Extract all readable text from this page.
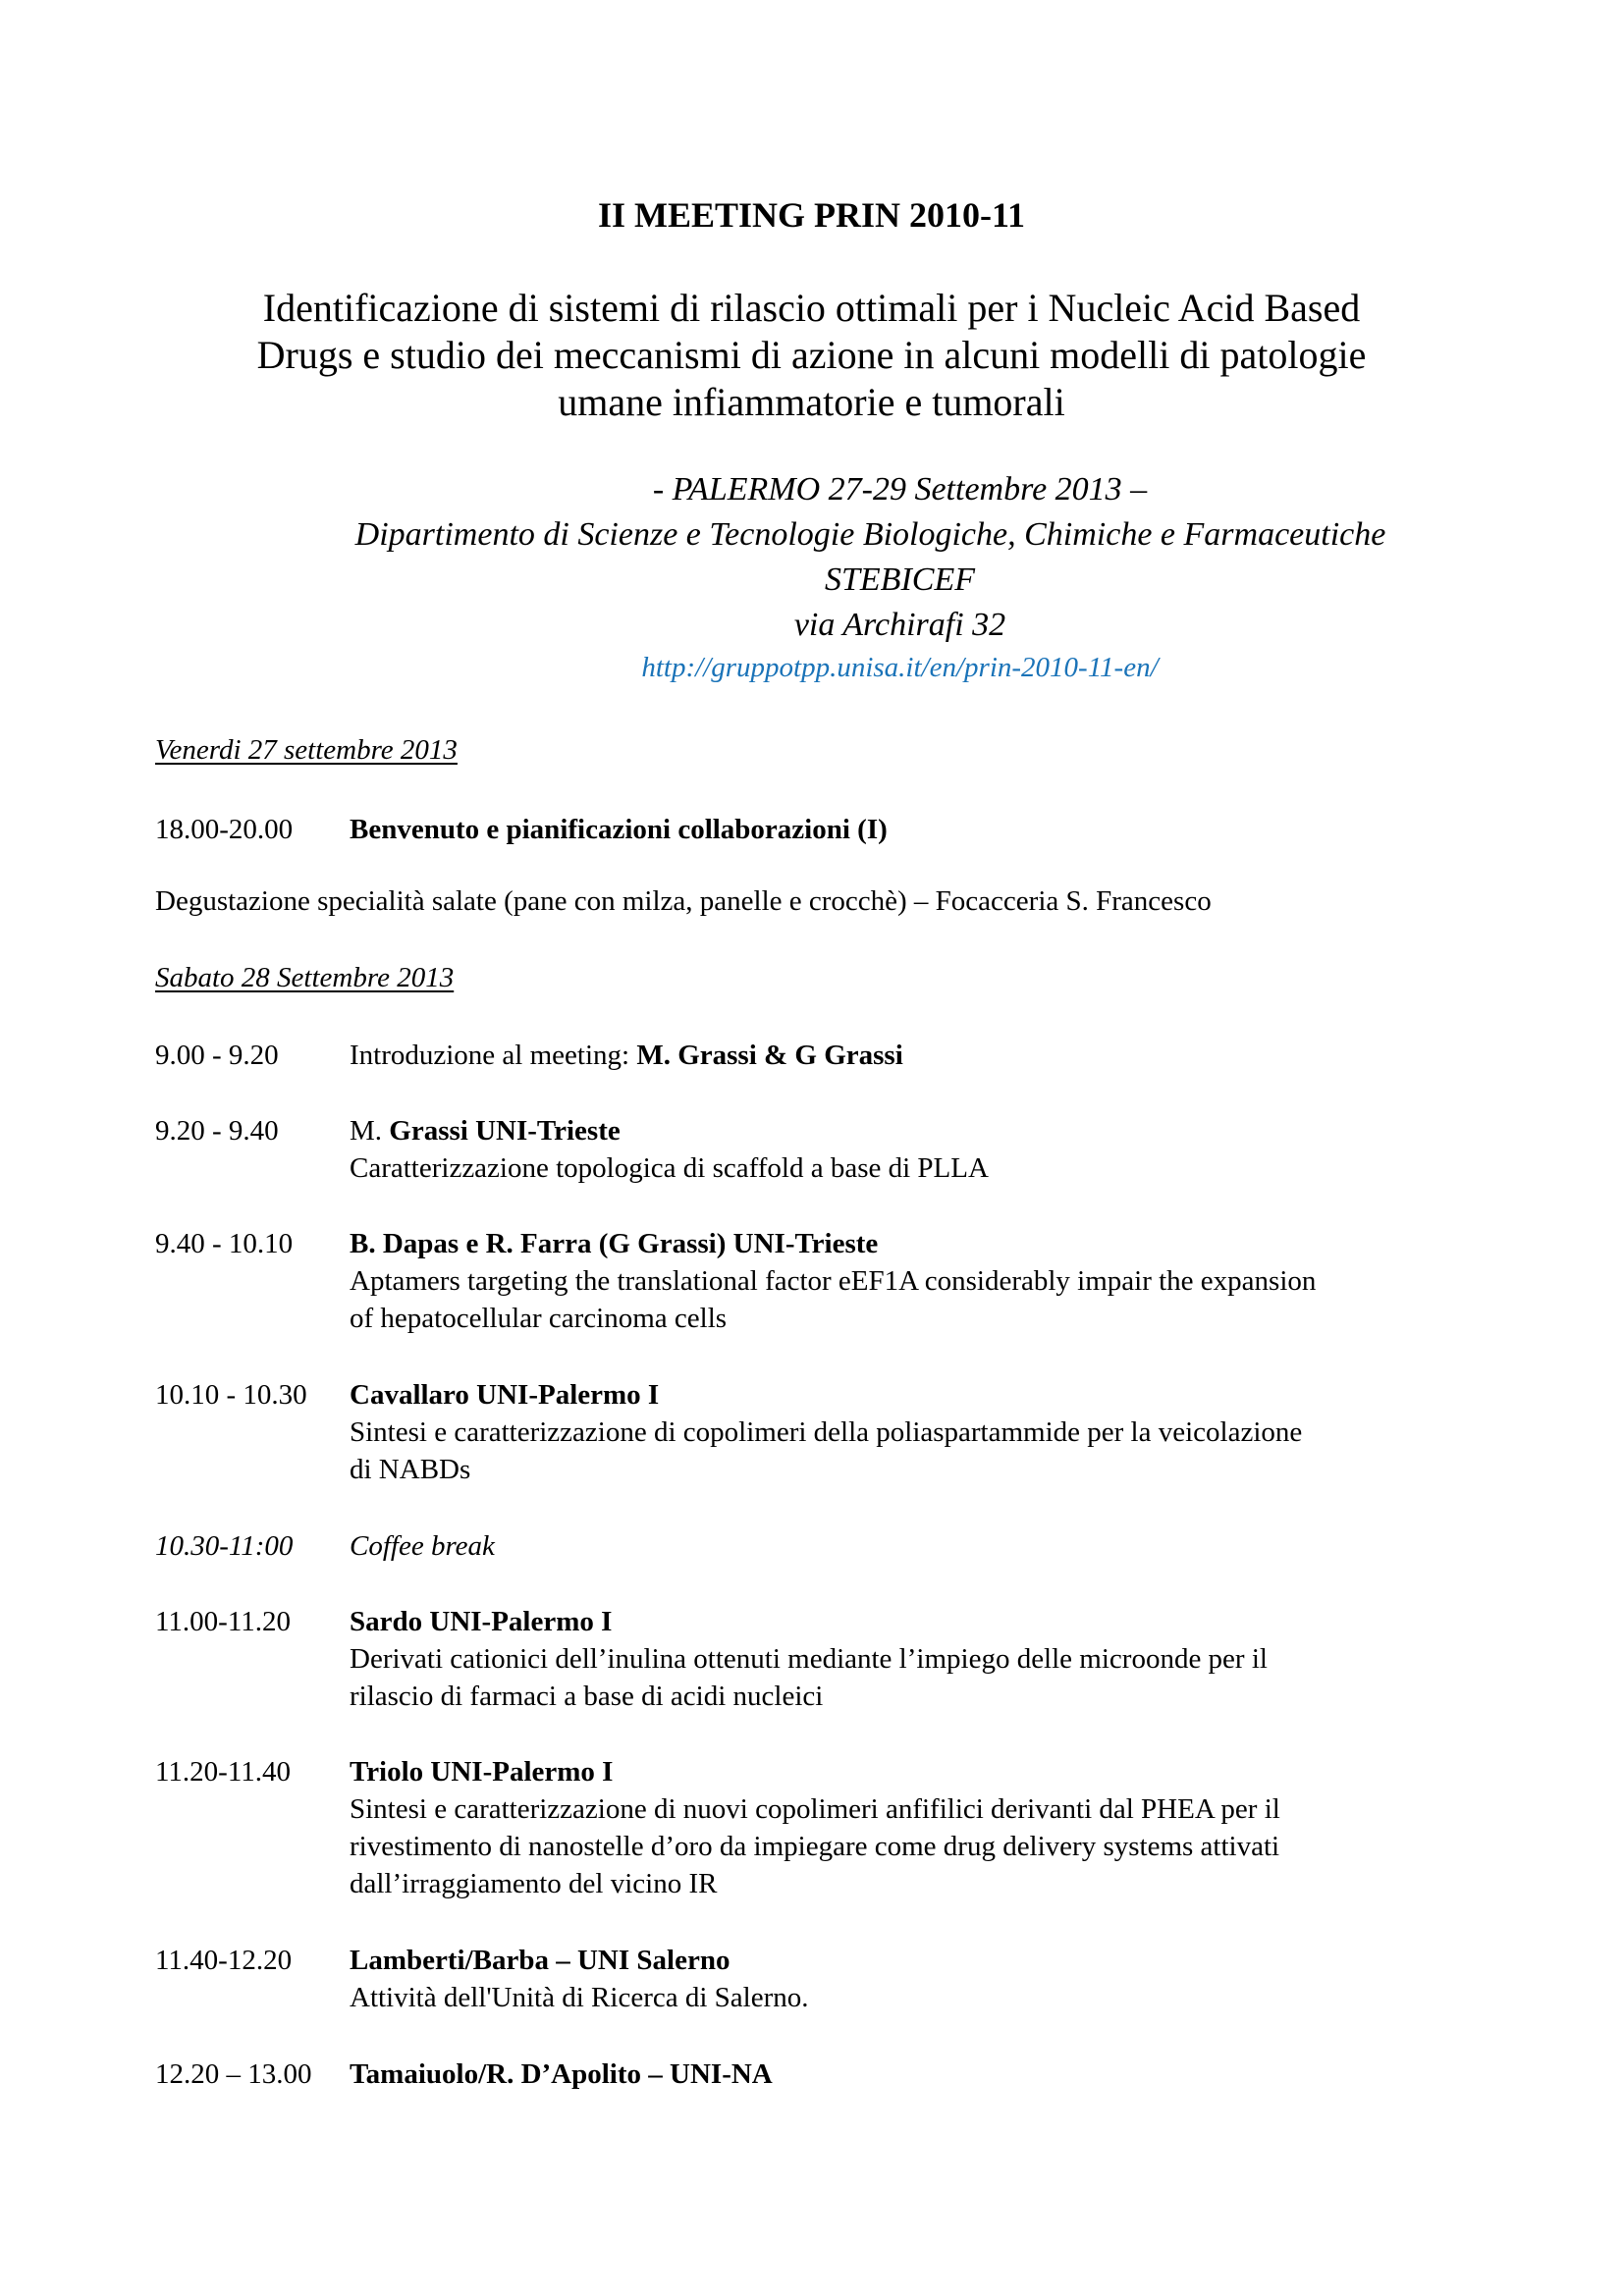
II MEETING PRIN 2010-11
Identificazione di sistemi di rilascio ottimali per i Nucleic Acid Based
Drugs e studio dei meccanismi di azione in alcuni modelli di patologie
umane infiammatorie e tumorali
- PALERMO 27-29 Settembre 2013 –
Dipartimento di Scienze e Tecnologie Biologiche, Chimiche e Farmaceutiche
STEBICEF
via Archirafi 32
http://gruppotpp.unisa.it/en/prin-2010-11-en/
Venerdi 27 settembre 2013
18.00-20.00 Benvenuto e pianificazioni collaborazioni (I)
Degustazione specialità salate (pane con milza, panelle e crocchè) – Focacceria S. Francesco
Sabato 28 Settembre 2013
9.00 - 9.20 Introduzione al meeting: M. Grassi & G Grassi
9.20 - 9.40 M. Grassi UNI-Trieste
Caratterizzazione topologica di scaffold a base di PLLA
9.40 - 10.10 B. Dapas e R. Farra (G Grassi) UNI-Trieste
Aptamers targeting the translational factor eEF1A considerably impair the expansion
of hepatocellular carcinoma cells
10.10 - 10.30 Cavallaro UNI-Palermo I
Sintesi e caratterizzazione di copolimeri della poliaspartammide per la veicolazione
di NABDs
10.30-11:00 Coffee break
11.00-11.20 Sardo UNI-Palermo I
Derivati cationici dell’inulina ottenuti mediante l’impiego delle microonde per il
rilascio di farmaci a base di acidi nucleici
11.20-11.40 Triolo UNI-Palermo I
Sintesi e caratterizzazione di nuovi copolimeri anfifilici derivanti dal PHEA per il
rivestimento di nanostelle d’oro da impiegare come drug delivery systems attivati
dall’irraggiamento del vicino IR
11.40-12.20 Lamberti/Barba – UNI Salerno
Attività dell'Unità di Ricerca di Salerno.
12.20 – 13.00 Tamaiuolo/R. D’Apolito – UNI-NA
